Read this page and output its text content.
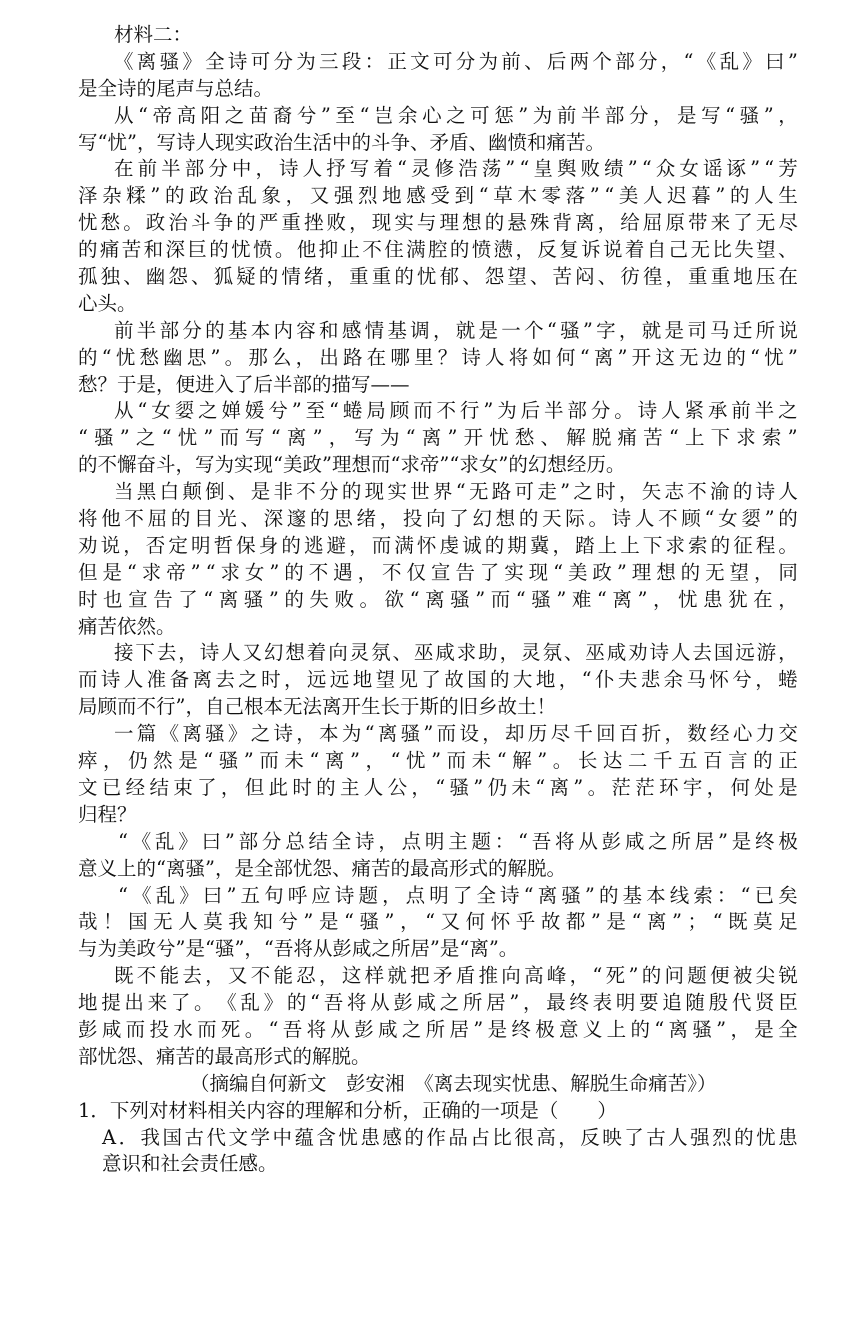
材料二：
《 离 骚 》 全 诗 可 分 为 三 段 ： 正 文 可 分 为 前 、 后 两 个 部 分 ， “ 《 乱 》 曰 ”
是全诗的尾声与总结。
从 “ 帝 高 阳 之 苗 裔 兮 ” 至 “ 岂 余 心 之 可 惩 ” 为 前 半 部 分 ， 是 写 “ 骚 ” ，
写“忧”，写诗人现实政治生活中的斗争、矛盾、幽愤和痛苦。
在 前 半 部 分 中 ， 诗 人 抒 写 着 “ 灵 修 浩 荡 ” “ 皇 舆 败 绩 ” “ 众 女 谣 诼 ” “ 芳
泽 杂 糅 ” 的 政 治 乱 象 ， 又 强 烈 地 感 受 到 “ 草 木 零 落 ” “ 美 人 迟 暮 ” 的 人 生
忧 愁 。 政 治 斗 争 的 严 重 挫 败 ， 现 实 与 理 想 的 悬 殊 背 离 ， 给 屈 原 带 来 了 无 尽
的 痛 苦 和 深 巨 的 忧 愤 。 他 抑 止 不 住 满 腔 的 愤 懑 ， 反 复 诉 说 着 自 己 无 比 失 望 、
孤 独 、 幽 怨 、 狐 疑 的 情 绪 ， 重 重 的 忧 郁 、 怨 望 、 苦 闷 、 彷 徨 ， 重 重 地 压 在
心头。
前 半 部 分 的 基 本 内 容 和 感 情 基 调 ， 就 是 一 个 “ 骚 ” 字 ， 就 是 司 马 迁 所 说
的 “ 忧 愁 幽 思 ” 。 那 么 ， 出 路 在 哪 里 ？ 诗 人 将 如 何 “ 离 ” 开 这 无 边 的 “ 忧 ”
愁？于是，便进入了后半部的描写——
从 “ 女 媭 之 婵 媛 兮 ” 至 “ 蜷 局 顾 而 不 行 ” 为 后 半 部 分 。 诗 人 紧 承 前 半 之
“ 骚 ” 之 “ 忧 ” 而 写 “ 离 ” ， 写 为 “ 离 ” 开 忧 愁 、 解 脱 痛 苦 “ 上 下 求 索 ”
的不懈奋斗，写为实现“美政”理想而“求帝”“求女”的幻想经历。
当 黑 白 颠 倒 、 是 非 不 分 的 现 实 世 界 “ 无 路 可 走 ” 之 时 ， 矢 志 不 渝 的 诗 人
将 他 不 屈 的 目 光 、 深 邃 的 思 绪 ， 投 向 了 幻 想 的 天 际 。 诗 人 不 顾 “ 女 媭 ” 的
劝 说 ， 否 定 明 哲 保 身 的 逃 避 ， 而 满 怀 虔 诚 的 期 冀 ， 踏 上 上 下 求 索 的 征 程 。
但 是 “ 求 帝 ” “ 求 女 ” 的 不 遇 ， 不 仅 宣 告 了 实 现 “ 美 政 ” 理 想 的 无 望 ， 同
时 也 宣 告 了 “ 离 骚 ” 的 失 败 。 欲 “ 离 骚 ” 而 “ 骚 ” 难 “ 离 ” ， 忧 患 犹 在 ，
痛苦依然。
接 下 去 ， 诗 人 又 幻 想 着 向 灵 氛 、 巫 咸 求 助 ， 灵 氛 、 巫 咸 劝 诗 人 去 国 远 游 ，
而 诗 人 准 备 离 去 之 时 ， 远 远 地 望 见 了 故 国 的 大 地 ， “ 仆 夫 悲 余 马 怀 兮 ， 蜷
局顾而不行”，自己根本无法离开生长于斯的旧乡故土！
一 篇 《 离 骚 》 之 诗 ， 本 为 “ 离 骚 ” 而 设 ， 却 历 尽 千 回 百 折 ， 数 经 心 力 交
瘁 ， 仍 然 是 “ 骚 ” 而 未 “ 离 ” ， “ 忧 ” 而 未 “ 解 ” 。 长 达 二 千 五 百 言 的 正
文 已 经 结 束 了 ， 但 此 时 的 主 人 公 ， “ 骚 ” 仍 未 “ 离 ” 。 茫 茫 环 宇 ， 何 处 是
归程？
“ 《 乱 》 曰 ” 部 分 总 结 全 诗 ， 点 明 主 题 ： “ 吾 将 从 彭 咸 之 所 居 ” 是 终 极
意义上的“离骚”，是全部忧怨、痛苦的最高形式的解脱。
“ 《 乱 》 曰 ” 五 句 呼 应 诗 题 ， 点 明 了 全 诗 “ 离 骚 ” 的 基 本 线 索 ： “ 已 矣
哉 ！ 国 无 人 莫 我 知 兮 ” 是 “ 骚 ” ， “ 又 何 怀 乎 故 都 ” 是 “ 离 ” ； “ 既 莫 足
与为美政兮”是“骚”，“吾将从彭咸之所居”是“离”。
既 不 能 去 ， 又 不 能 忍 ， 这 样 就 把 矛 盾 推 向 高 峰 ， “ 死 ” 的 问 题 便 被 尖 锐
地 提 出 来 了 。 《 乱 》 的 “ 吾 将 从 彭 咸 之 所 居 ” ， 最 终 表 明 要 追 随 殷 代 贤 臣
彭 咸 而 投 水 而 死 。 “ 吾 将 从 彭 咸 之 所 居 ” 是 终 极 意 义 上 的 “ 离 骚 ” ， 是 全
部忧怨、痛苦的最高形式的解脱。
（摘编自何新文　彭安湘　《离去现实忧患、解脱生命痛苦》）
1．下列对材料相关内容的理解和分析，正确的一项是（　　）
A ． 我 国 古 代 文 学 中 蕴 含 忧 患 感 的 作 品 占 比 很 高 ， 反 映 了 古 人 强 烈 的 忧 患
意识和社会责任感。
